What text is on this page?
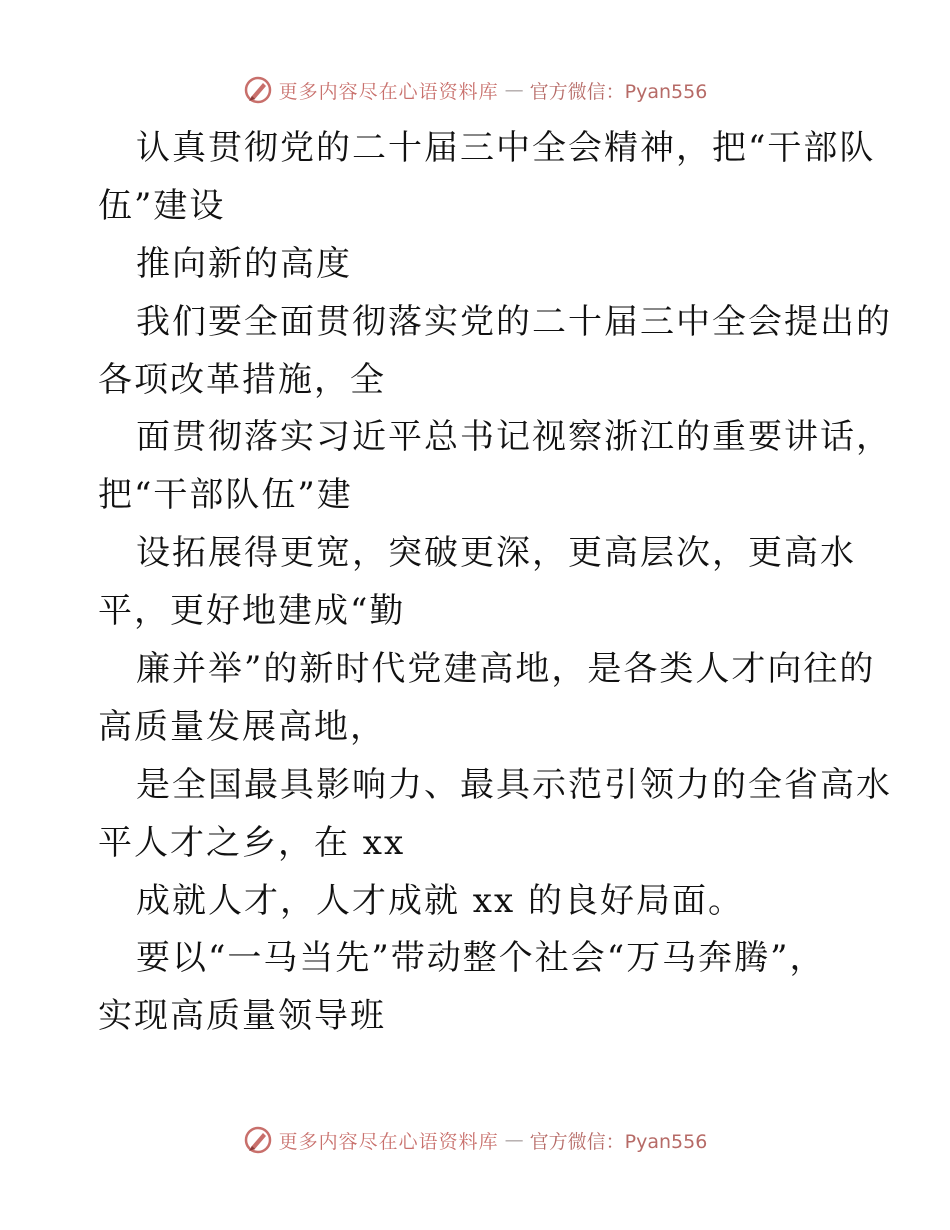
更多内容尽在心语资料库 — 官方微信：Pyan556
认真贯彻党的二十届三中全会精神，把“干部队
伍”建设
推向新的高度
我们要全面贯彻落实党的二十届三中全会提出的
各项改革措施，全
面贯彻落实习近平总书记视察浙江的重要讲话，
把“干部队伍”建
设拓展得更宽，突破更深，更高层次，更高水
平，更好地建成“勤
廉并举”的新时代党建高地，是各类人才向往的
高质量发展高地，
是全国最具影响力、最具示范引领力的全省高水
平人才之乡，在 xx
成就人才，人才成就 xx 的良好局面。
要以“一马当先”带动整个社会“万马奔腾”，
实现高质量领导班
更多内容尽在心语资料库 — 官方微信：Pyan556
